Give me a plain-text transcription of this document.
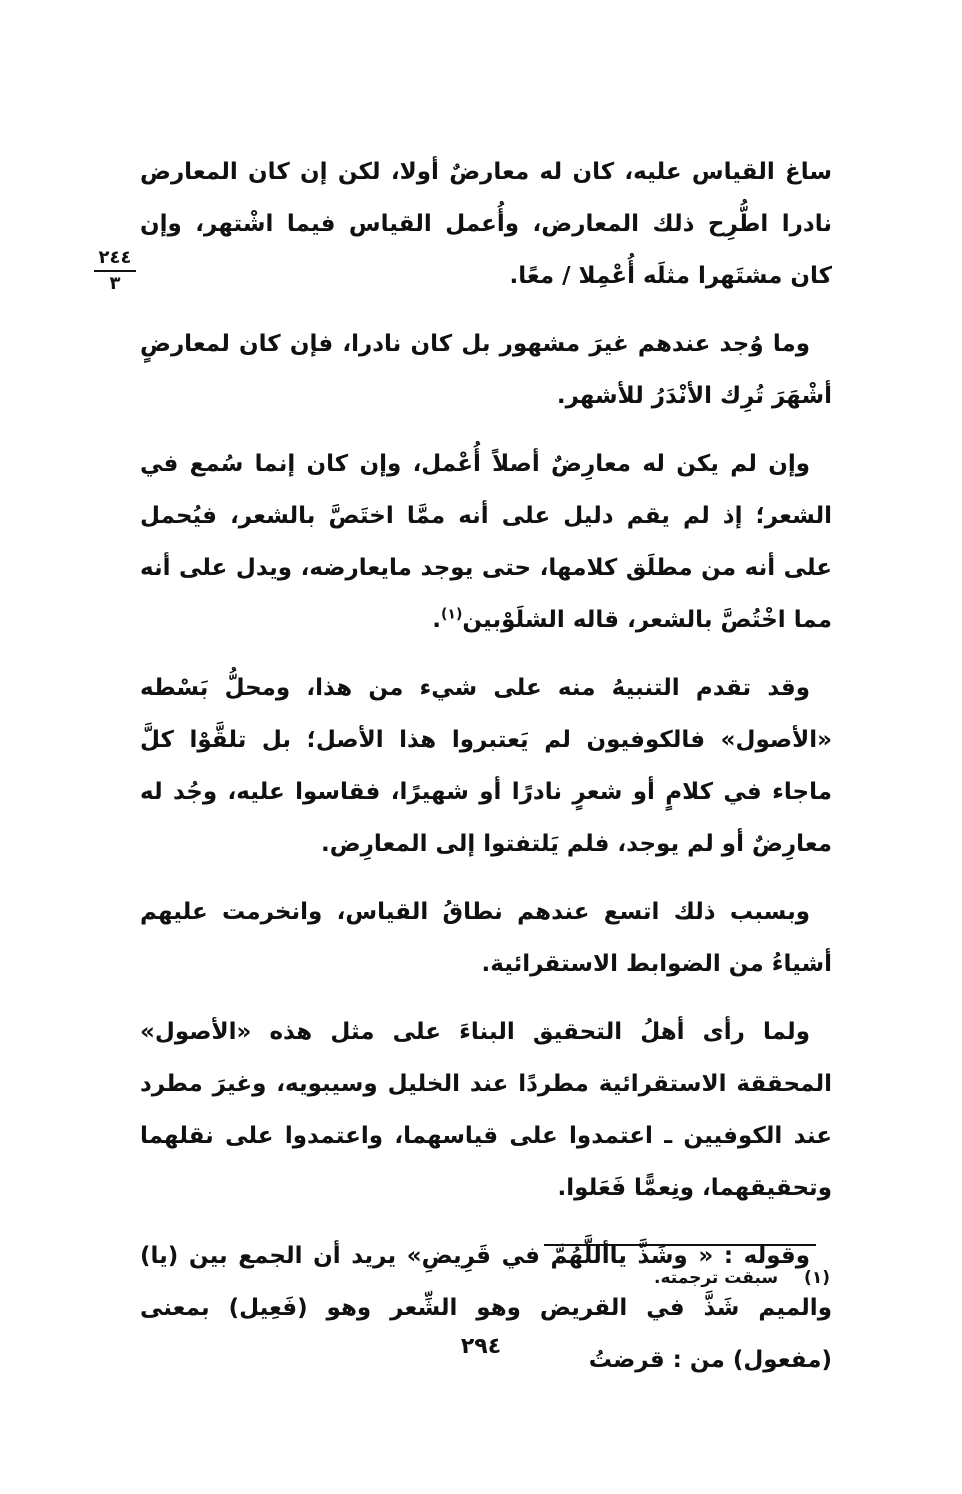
٢٤٤
٣

ساغ القياس عليه، كان له معارضٌ أولا، لكن إن كان المعارض نادرا اطُّرِح ذلك المعارض، وأُعمل القياس فيما اشْتهر، وإن كان مشتَهرا مثلَه أُعْمِلا / معًا.

وما وُجد عندهم غيرَ مشهور بل كان نادرا، فإن كان لمعارضٍ أشْهَرَ تُرِك الأنْدَرُ للأشهر.

وإن لم يكن له معارِضٌ أصلاً أُعْمل، وإن كان إنما سُمع في الشعر؛ إذ لم يقم دليل على أنه ممَّا اختَصَّ بالشعر، فيُحمل على أنه من مطلَق كلامها، حتى يوجد مايعارضه، ويدل على أنه مما اخْتُصَّ بالشعر، قاله الشلَوْبين$^{(١)}$.

وقد تقدم التنبيهُ منه على شيء من هذا، ومحلُّ بَسْطه «الأصول» فالكوفيون لم يَعتبروا هذا الأصل؛ بل تلقَّوْا كلَّ ماجاء في كلامٍ أو شعرٍ نادرًا أو شهيرًا، فقاسوا عليه، وجُد له معارِضٌ أو لم يوجد، فلم يَلتفتوا إلى المعارِض.

وبسبب ذلك اتسع عندهم نطاقُ القياس، وانخرمت عليهم أشياءُ من الضوابط الاستقرائية.

ولما رأى أهلُ التحقيق البناءَ على مثل هذه «الأصول» المحققة الاستقرائية مطردًا عند الخليل وسيبويه، وغيرَ مطرد عند الكوفيين ـ اعتمدوا على قياسهما، واعتمدوا على نقلهما وتحقيقهما، ونِعمًّا فَعَلوا.

وقوله : « وشَذَّ ياأللَّهُمَّ في قَرِيضِ» يريد أن الجمع بين (يا) والميم شَذَّ في القريض وهو الشِّعر وهو (فَعِيل) بمعنى (مفعول) من : قرضتُ

(١) سبقت ترجمته.
٢٩٤
